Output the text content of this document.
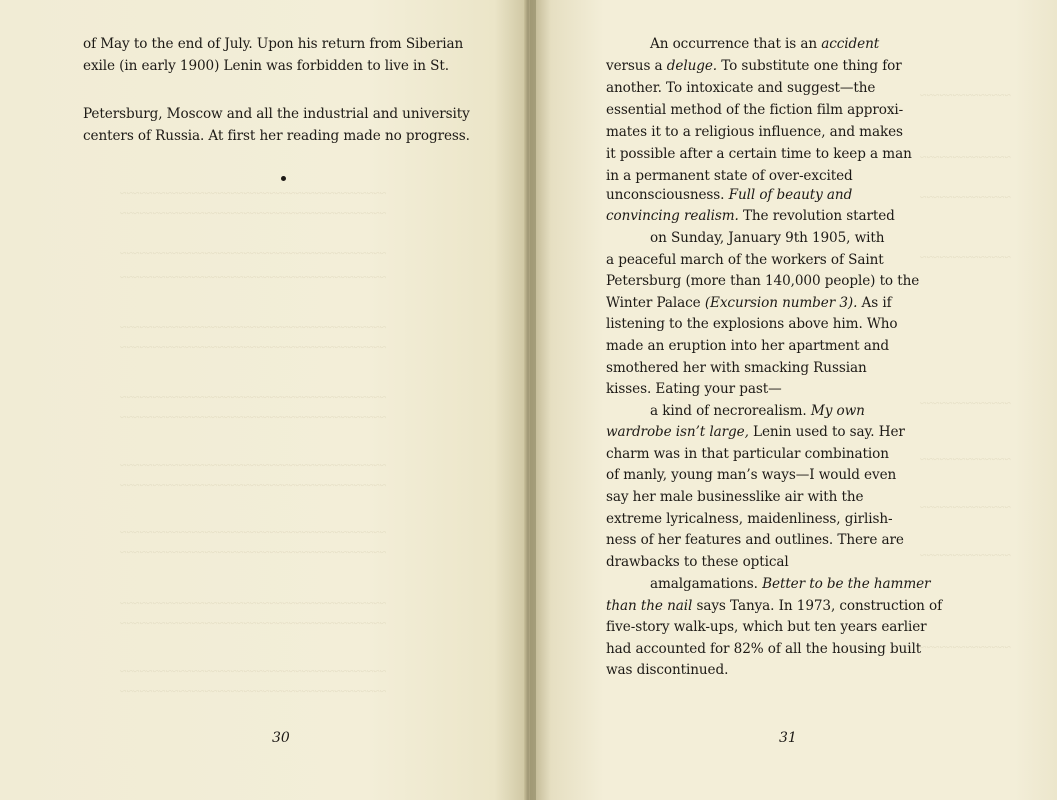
~~~~~~~~~~~~~~~~~~~~~~~~~~~~~~~~~~~~~~~~~
~~~~~~~~~~~~~~~~~~~~~~~~~~~~~~~~~~~~~~~~~
~~~~~~~~~~~~~~~~~~~~~~~~~~~~~~~~~~~~~~~~~
~~~~~~~~~~~~~~~~~~~~~~~~~~~~~~~~~~~~~~~~~
~~~~~~~~~~~~~~~~~~~~~~~~~~~~~~~~~~~~~~~~~
~~~~~~~~~~~~~~~~~~~~~~~~~~~~~~~~~~~~~~~~~
~~~~~~~~~~~~~~~~~~~~~~~~~~~~~~~~~~~~~~~~~
~~~~~~~~~~~~~~~~~~~~~~~~~~~~~~~~~~~~~~~~~
~~~~~~~~~~~~~~~~~~~~~~~~~~~~~~~~~~~~~~~~~
~~~~~~~~~~~~~~~~~~~~~~~~~~~~~~~~~~~~~~~~~
~~~~~~~~~~~~~~~~~~~~~~~~~~~~~~~~~~~~~~~~~
~~~~~~~~~~~~~~~~~~~~~~~~~~~~~~~~~~~~~~~~~
~~~~~~~~~~~~~~~~~~~~~~~~~~~~~~~~~~~~~~~~~
~~~~~~~~~~~~~~~~~~~~~~~~~~~~~~~~~~~~~~~~~
~~~~~~~~~~~~~~~~~~~~~~~~~~~~~~~~~~~~~~~~~
~~~~~~~~~~~~~~~~~~~~~~~~~~~~~~~~~~~~~~~~~
of May to the end of July. Upon his return from Siberian
exile (in early 1900) Lenin was forbidden to live in St.
Petersburg, Moscow and all the industrial and university
centers of Russia. At first her reading made no progress.
30
~~~~~~~~~~~~~~
~~~~~~~~~~~~~~
~~~~~~~~~~~~~~
~~~~~~~~~~~~~~
~~~~~~~~~~~~~~
~~~~~~~~~~~~~~
~~~~~~~~~~~~~~
~~~~~~~~~~~~~~
~~~~~~~~~~~~~~
An occurrence that is an accident
versus a deluge. To substitute one thing for
another. To intoxicate and suggest—the
essential method of the fiction film approxi-
mates it to a religious influence, and makes
it possible after a certain time to keep a man
in a permanent state of over-excited
unconsciousness. Full of beauty and
convincing realism. The revolution started
on Sunday, January 9th 1905, with
a peaceful march of the workers of Saint
Petersburg (more than 140,000 people) to the
Winter Palace (Excursion number 3). As if
listening to the explosions above him. Who
made an eruption into her apartment and
smothered her with smacking Russian
kisses. Eating your past—
a kind of necrorealism. My own
wardrobe isn’t large, Lenin used to say. Her
charm was in that particular combination
of manly, young man’s ways—I would even
say her male businesslike air with the
extreme lyricalness, maidenliness, girlish-
ness of her features and outlines. There are
drawbacks to these optical
amalgamations. Better to be the hammer
than the nail says Tanya. In 1973, construction of
five-story walk-ups, which but ten years earlier
had accounted for 82% of all the housing built
was discontinued.
31
